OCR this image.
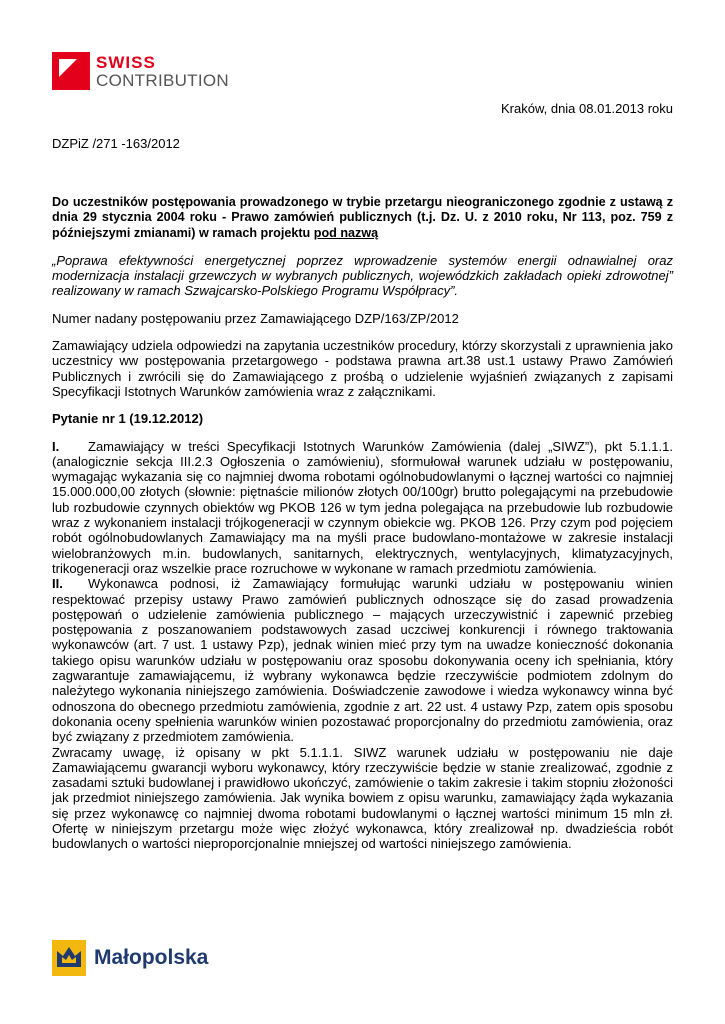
SWISS
CONTRIBUTION
Kraków, dnia 08.01.2013 roku
DZPiZ /271 -163/2012

Do uczestników postępowania prowadzonego w trybie przetargu nieograniczonego zgodnie z ustawą z dnia 29 stycznia 2004 roku - Prawo zamówień publicznych (t.j. Dz. U. z 2010 roku, Nr 113, poz. 759 z późniejszymi zmianami) w ramach projektu pod nazwą

„Poprawa efektywności energetycznej poprzez wprowadzenie systemów energii odnawialnej oraz modernizacja instalacji grzewczych w wybranych publicznych, wojewódzkich zakładach opieki zdrowotnej” realizowany w ramach Szwajcarsko-Polskiego Programu Współpracy”.

Numer nadany postępowaniu przez Zamawiającego DZP/163/ZP/2012

Zamawiający udziela odpowiedzi na zapytania uczestników procedury, którzy skorzystali z uprawnienia jako uczestnicy ww postępowania przetargowego - podstawa prawna art.38 ust.1 ustawy Prawo Zamówień Publicznych i zwrócili się do Zamawiającego z prośbą o udzielenie wyjaśnień związanych z zapisami Specyfikacji Istotnych Warunków zamówienia wraz z załącznikami.

Pytanie nr 1 (19.12.2012)

I. Zamawiający w treści Specyfikacji Istotnych Warunków Zamówienia (dalej „SIWZ”), pkt 5.1.1.1. (analogicznie sekcja III.2.3 Ogłoszenia o zamówieniu), sformułował warunek udziału w postępowaniu, wymagając wykazania się co najmniej dwoma robotami ogólnobudowlanymi o łącznej wartości co najmniej 15.000.000,00 złotych (słownie: piętnaście milionów złotych 00/100gr) brutto polegającymi na przebudowie lub rozbudowie czynnych obiektów wg PKOB 126 w tym jedna polegająca na przebudowie lub rozbudowie wraz z wykonaniem instalacji trójkogeneracji w czynnym obiekcie wg. PKOB 126. Przy czym pod pojęciem robót ogólnobudowlanych Zamawiający ma na myśli prace budowlano-montażowe w zakresie instalacji wielobranżowych m.in. budowlanych, sanitarnych, elektrycznych, wentylacyjnych, klimatyzacyjnych, trikogeneracji oraz wszelkie prace rozruchowe w wykonane w ramach przedmiotu zamówienia.

II. Wykonawca podnosi, iż Zamawiający formułując warunki udziału w postępowaniu winien respektować przepisy ustawy Prawo zamówień publicznych odnoszące się do zasad prowadzenia postępowań o udzielenie zamówienia publicznego – mających urzeczywistnić i zapewnić przebieg postępowania z poszanowaniem podstawowych zasad uczciwej konkurencji i równego traktowania wykonawców (art. 7 ust. 1 ustawy Pzp), jednak winien mieć przy tym na uwadze konieczność dokonania takiego opisu warunków udziału w postępowaniu oraz sposobu dokonywania oceny ich spełniania, który zagwarantuje zamawiającemu, iż wybrany wykonawca będzie rzeczywiście podmiotem zdolnym do należytego wykonania niniejszego zamówienia. Doświadczenie zawodowe i wiedza wykonawcy winna być odnoszona do obecnego przedmiotu zamówienia, zgodnie z art. 22 ust. 4 ustawy Pzp, zatem opis sposobu dokonania oceny spełnienia warunków winien pozostawać proporcjonalny do przedmiotu zamówienia, oraz być związany z przedmiotem zamówienia.

Zwracamy uwagę, iż opisany w pkt 5.1.1.1. SIWZ warunek udziału w postępowaniu nie daje Zamawiającemu gwarancji wyboru wykonawcy, który rzeczywiście będzie w stanie zrealizować, zgodnie z zasadami sztuki budowlanej i prawidłowo ukończyć, zamówienie o takim zakresie i takim stopniu złożoności jak przedmiot niniejszego zamówienia. Jak wynika bowiem z opisu warunku, zamawiający żąda wykazania się przez wykonawcę co najmniej dwoma robotami budowlanymi o łącznej wartości minimum 15 mln zł. Ofertę w niniejszym przetargu może więc złożyć wykonawca, który zrealizował np. dwadzieścia robót budowlanych o wartości nieproporcjonalnie mniejszej od wartości niniejszego zamówienia.

Małopolska
